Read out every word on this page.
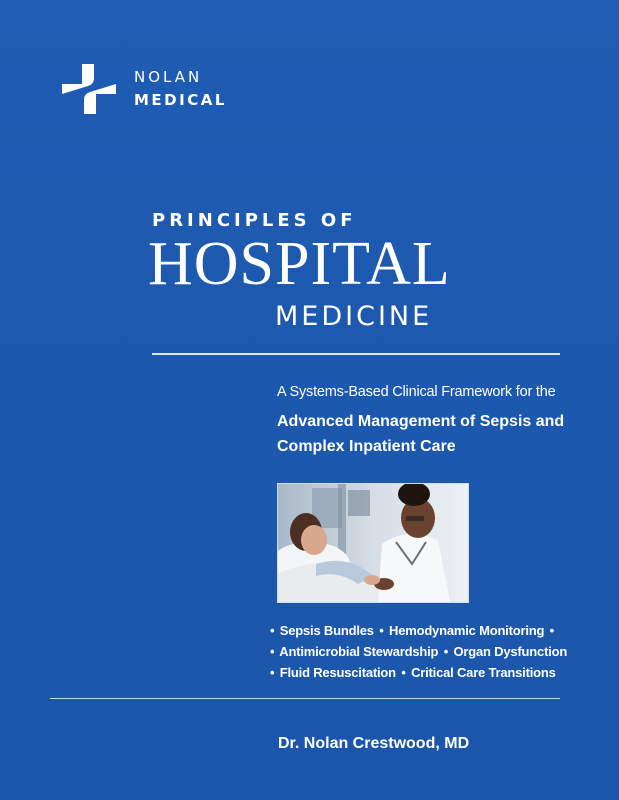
NOLAN
MEDICAL
PRINCIPLES OF
HOSPITAL
MEDICINE
A Systems-Based Clinical Framework for the
Advanced Management of Sepsis and
Complex Inpatient Care
• Sepsis Bundles • Hemodynamic Monitoring •
• Antimicrobial Stewardship • Organ Dysfunction
• Fluid Resuscitation • Critical Care Transitions
Dr. Nolan Crestwood, MD
